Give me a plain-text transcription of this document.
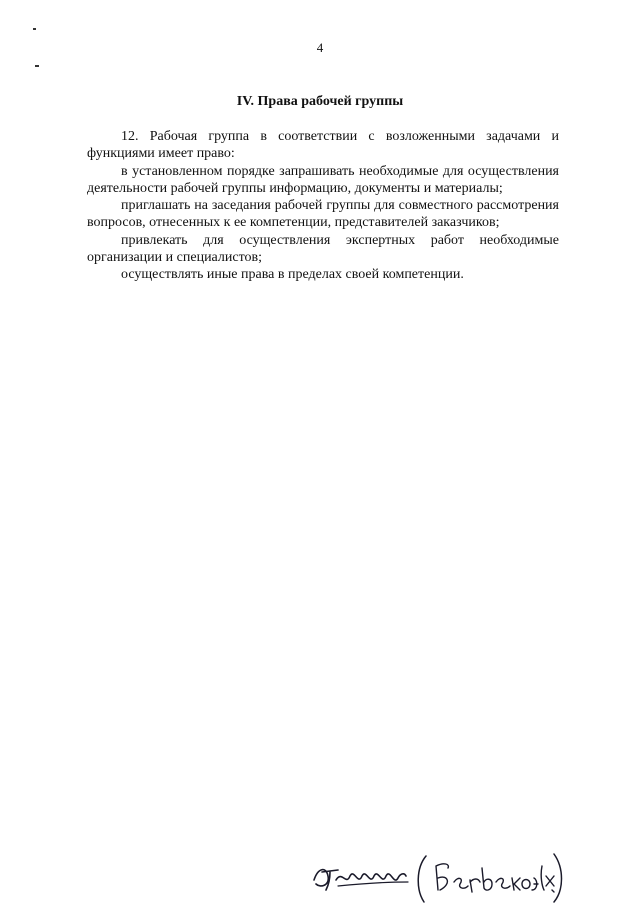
4
IV. Права рабочей группы

12. Рабочая группа в соответствии с возложенными задачами и функциями имеет право:

в установленном порядке запрашивать необходимые для осуществления деятельности рабочей группы информацию, документы и материалы;

приглашать на заседания рабочей группы для совместного рассмотрения вопросов, отнесенных к ее компетенции, представителей заказчиков;

привлекать для осуществления экспертных работ необходимые организации и специалистов;

осуществлять иные права в пределах своей компетенции.
